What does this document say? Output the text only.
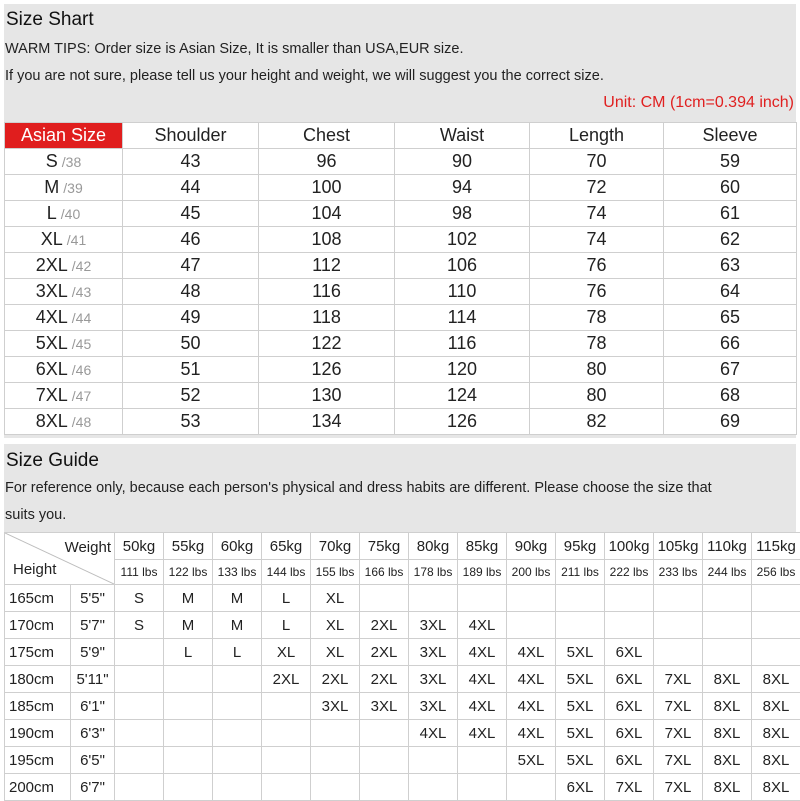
Size Shart
WARM TIPS: Order size is Asian Size, It is smaller than USA,EUR size.
If you are not sure, please tell us your height and weight, we will suggest you the correct size.
Unit: CM (1cm=0.394 inch)
Asian Size	Shoulder	Chest	Waist	Length	Sleeve
S /38	43	96	90	70	59
M /39	44	100	94	72	60
L /40	45	104	98	74	61
XL /41	46	108	102	74	62
2XL /42	47	112	106	76	63
3XL /43	48	116	110	76	64
4XL /44	49	118	114	78	65
5XL /45	50	122	116	78	66
6XL /46	51	126	120	80	67
7XL /47	52	130	124	80	68
8XL /48	53	134	126	82	69
Size Guide
For reference only, because each person's physical and dress habits are different. Please choose the size that
suits you.
Weight
Height		50kg	55kg	60kg	65kg	70kg	75kg	80kg	85kg	90kg	95kg	100kg	105kg	110kg	115kg
		111 lbs	122 lbs	133 lbs	144 lbs	155 lbs	166 lbs	178 lbs	189 lbs	200 lbs	211 lbs	222 lbs	233 lbs	244 lbs	256 lbs
165cm	5'5"	S	M	M	L	XL									
170cm	5'7"	S	M	M	L	XL	2XL	3XL	4XL						
175cm	5'9"		L	L	XL	XL	2XL	3XL	4XL	4XL	5XL	6XL			
180cm	5'11"				2XL	2XL	2XL	3XL	4XL	4XL	5XL	6XL	7XL	8XL	8XL
185cm	6'1"					3XL	3XL	3XL	4XL	4XL	5XL	6XL	7XL	8XL	8XL
190cm	6'3"							4XL	4XL	4XL	5XL	6XL	7XL	8XL	8XL
195cm	6'5"									5XL	5XL	6XL	7XL	8XL	8XL
200cm	6'7"										6XL	7XL	7XL	8XL	8XL
